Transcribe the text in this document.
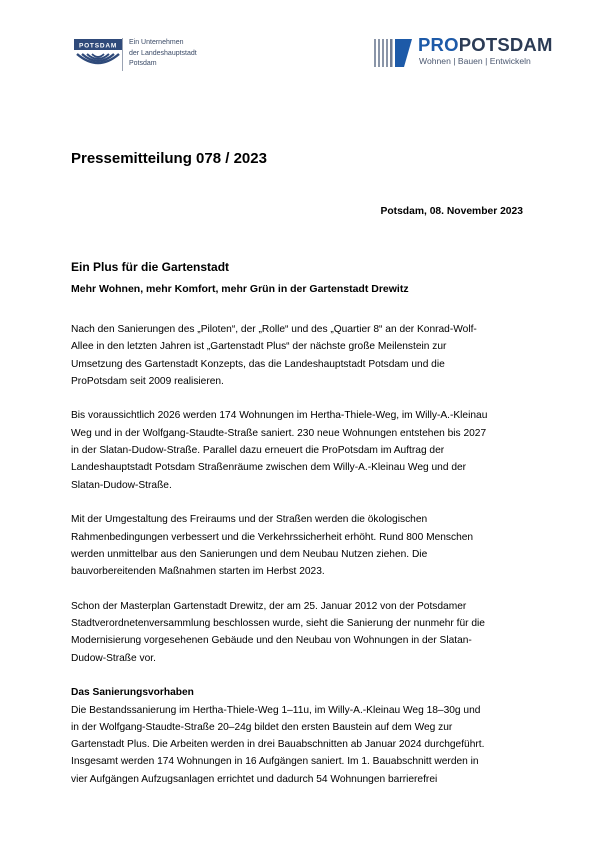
POTSDAM Ein Unternehmen
der Landeshauptstadt
Potsdam
PROPOTSDAM
Wohnen | Bauen | Entwickeln
Pressemitteilung 078 / 2023
Potsdam, 08. November 2023
Ein Plus für die Gartenstadt
Mehr Wohnen, mehr Komfort, mehr Grün in der Gartenstadt Drewitz

Nach den Sanierungen des „Piloten“, der „Rolle“ und des „Quartier 8“ an der Konrad-Wolf-
Allee in den letzten Jahren ist „Gartenstadt Plus“ der nächste große Meilenstein zur
Umsetzung des Gartenstadt Konzepts, das die Landeshauptstadt Potsdam und die
ProPotsdam seit 2009 realisieren.

Bis voraussichtlich 2026 werden 174 Wohnungen im Hertha-Thiele-Weg, im Willy-A.-Kleinau
Weg und in der Wolfgang-Staudte-Straße saniert. 230 neue Wohnungen entstehen bis 2027
in der Slatan-Dudow-Straße. Parallel dazu erneuert die ProPotsdam im Auftrag der
Landeshauptstadt Potsdam Straßenräume zwischen dem Willy-A.-Kleinau Weg und der
Slatan-Dudow-Straße.

Mit der Umgestaltung des Freiraums und der Straßen werden die ökologischen
Rahmenbedingungen verbessert und die Verkehrssicherheit erhöht. Rund 800 Menschen
werden unmittelbar aus den Sanierungen und dem Neubau Nutzen ziehen. Die
bauvorbereitenden Maßnahmen starten im Herbst 2023.

Schon der Masterplan Gartenstadt Drewitz, der am 25. Januar 2012 von der Potsdamer
Stadtverordnetenversammlung beschlossen wurde, sieht die Sanierung der nunmehr für die
Modernisierung vorgesehenen Gebäude und den Neubau von Wohnungen in der Slatan-
Dudow-Straße vor.

Das Sanierungsvorhaben
Die Bestandssanierung im Hertha-Thiele-Weg 1–11u, im Willy-A.-Kleinau Weg 18–30g und
in der Wolfgang-Staudte-Straße 20–24g bildet den ersten Baustein auf dem Weg zur
Gartenstadt Plus. Die Arbeiten werden in drei Bauabschnitten ab Januar 2024 durchgeführt.
Insgesamt werden 174 Wohnungen in 16 Aufgängen saniert. Im 1. Bauabschnitt werden in
vier Aufgängen Aufzugsanlagen errichtet und dadurch 54 Wohnungen barrierefrei
